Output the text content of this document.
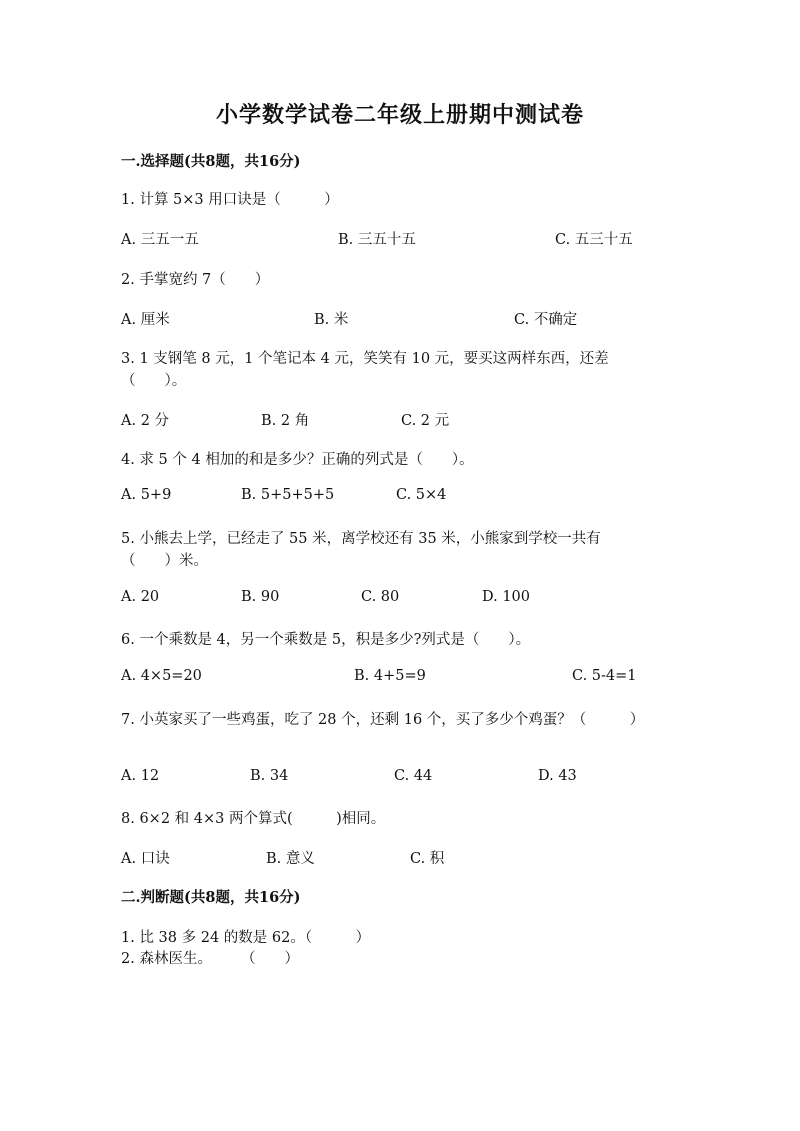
小学数学试卷二年级上册期中测试卷
一.选择题(共8题，共16分)
1. 计算 5×3 用口诀是（　　　）
A. 三五一五	B. 三五十五	C. 五三十五
2. 手掌宽约 7（　　）
A. 厘米	B. 米	C. 不确定
3. 1 支钢笔 8 元，1 个笔记本 4 元，笑笑有 10 元，要买这两样东西，还差
（　　）。
A. 2 分	B. 2 角	C. 2 元
4. 求 5 个 4 相加的和是多少？正确的列式是（　　）。
A. 5+9	B. 5+5+5+5	C. 5×4
5. 小熊去上学，已经走了 55 米，离学校还有 35 米，小熊家到学校一共有
（　　）米。
A. 20	B. 90	C. 80	D. 100
6. 一个乘数是 4，另一个乘数是 5，积是多少?列式是（　　）。
A. 4×5=20	B. 4+5=9	C. 5-4=1
7. 小英家买了一些鸡蛋，吃了 28 个，还剩 16 个，买了多少个鸡蛋？（　　　）
A. 12	B. 34	C. 44	D. 43
8. 6×2 和 4×3 两个算式(　　　)相同。
A. 口诀	B. 意义	C. 积
二.判断题(共8题，共16分)
1. 比 38 多 24 的数是 62。（　　　）
2. 森林医生。　　　（　　）
